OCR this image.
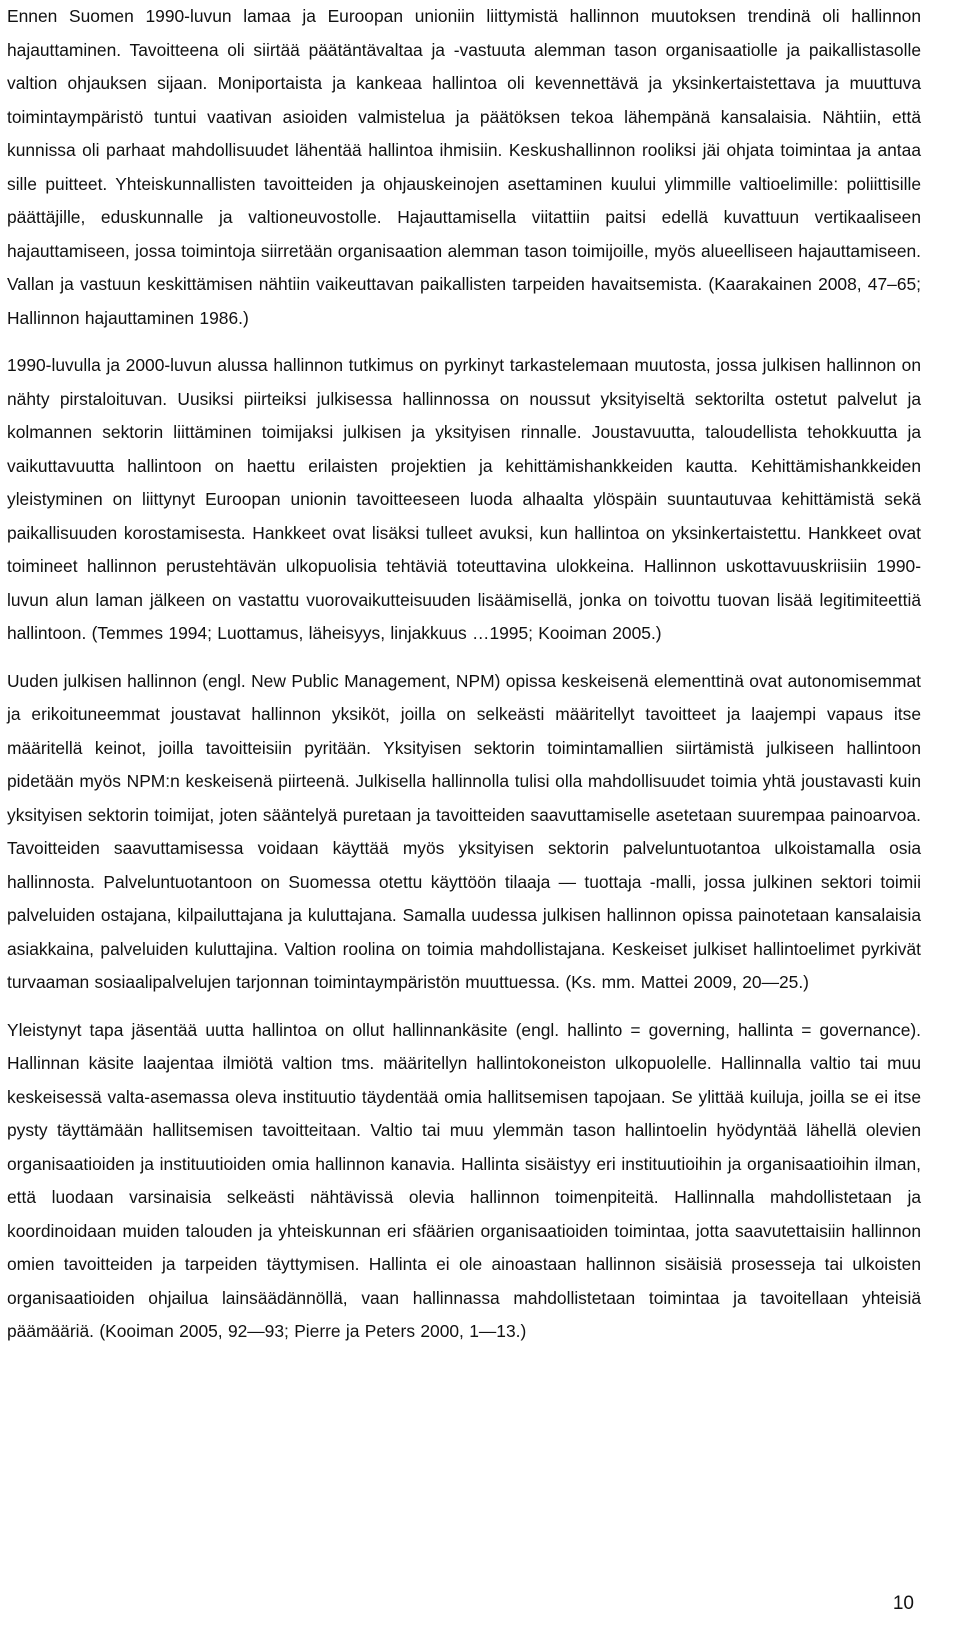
Ennen Suomen 1990-luvun lamaa ja Euroopan unioniin liittymistä hallinnon muutoksen trendinä oli hallinnon hajauttaminen. Tavoitteena oli siirtää päätäntävaltaa ja -vastuuta alemman tason organisaatiolle ja paikallistasolle valtion ohjauksen sijaan. Moniportaista ja kankeaa hallintoa oli kevennettävä ja yksinkertaistettava ja muuttuva toimintaympäristö tuntui vaativan asioiden valmistelua ja päätöksen tekoa lähempänä kansalaisia. Nähtiin, että kunnissa oli parhaat mahdollisuudet lähentää hallintoa ihmisiin. Keskushallinnon rooliksi jäi ohjata toimintaa ja antaa sille puitteet. Yhteiskunnallisten tavoitteiden ja ohjauskeinojen asettaminen kuului ylimmille valtioelimille: poliittisille päättäjille, eduskunnalle ja valtioneuvostolle. Hajauttamisella viitattiin paitsi edellä kuvattuun vertikaaliseen hajauttamiseen, jossa toimintoja siirretään organisaation alemman tason toimijoille, myös alueelliseen hajauttamiseen. Vallan ja vastuun keskittämisen nähtiin vaikeuttavan paikallisten tarpeiden havaitsemista. (Kaarakainen 2008, 47–65; Hallinnon hajauttaminen 1986.)

1990-luvulla ja 2000-luvun alussa hallinnon tutkimus on pyrkinyt tarkastelemaan muutosta, jossa julkisen hallinnon on nähty pirstaloituvan. Uusiksi piirteiksi julkisessa hallinnossa on noussut yksityiseltä sektorilta ostetut palvelut ja kolmannen sektorin liittäminen toimijaksi julkisen ja yksityisen rinnalle. Joustavuutta, taloudellista tehokkuutta ja vaikuttavuutta hallintoon on haettu erilaisten projektien ja kehittämishankkeiden kautta. Kehittämishankkeiden yleistyminen on liittynyt Euroopan unionin tavoitteeseen luoda alhaalta ylöspäin suuntautuvaa kehittämistä sekä paikallisuuden korostamisesta. Hankkeet ovat lisäksi tulleet avuksi, kun hallintoa on yksinkertaistettu. Hankkeet ovat toimineet hallinnon perustehtävän ulkopuolisia tehtäviä toteuttavina ulokkeina. Hallinnon uskottavuuskriisiin 1990-luvun alun laman jälkeen on vastattu vuorovaikutteisuuden lisäämisellä, jonka on toivottu tuovan lisää legitimiteettiä hallintoon. (Temmes 1994; Luottamus, läheisyys, linjakkuus …1995; Kooiman 2005.)

Uuden julkisen hallinnon (engl. New Public Management, NPM) opissa keskeisenä elementtinä ovat autonomisemmat ja erikoituneemmat joustavat hallinnon yksiköt, joilla on selkeästi määritellyt tavoitteet ja laajempi vapaus itse määritellä keinot, joilla tavoitteisiin pyritään. Yksityisen sektorin toimintamallien siirtämistä julkiseen hallintoon pidetään myös NPM:n keskeisenä piirteenä. Julkisella hallinnolla tulisi olla mahdollisuudet toimia yhtä joustavasti kuin yksityisen sektorin toimijat, joten sääntelyä puretaan ja tavoitteiden saavuttamiselle asetetaan suurempaa painoarvoa. Tavoitteiden saavuttamisessa voidaan käyttää myös yksityisen sektorin palveluntuotantoa ulkoistamalla osia hallinnosta. Palveluntuotantoon on Suomessa otettu käyttöön tilaaja — tuottaja -malli, jossa julkinen sektori toimii palveluiden ostajana, kilpailuttajana ja kuluttajana. Samalla uudessa julkisen hallinnon opissa painotetaan kansalaisia asiakkaina, palveluiden kuluttajina. Valtion roolina on toimia mahdollistajana. Keskeiset julkiset hallintoelimet pyrkivät turvaaman sosiaalipalvelujen tarjonnan toimintaympäristön muuttuessa. (Ks. mm. Mattei 2009, 20—25.)

Yleistynyt tapa jäsentää uutta hallintoa on ollut hallinnankäsite (engl. hallinto = governing, hallinta = governance). Hallinnan käsite laajentaa ilmiötä valtion tms. määritellyn hallintokoneiston ulkopuolelle. Hallinnalla valtio tai muu keskeisessä valta-asemassa oleva instituutio täydentää omia hallitsemisen tapojaan. Se ylittää kuiluja, joilla se ei itse pysty täyttämään hallitsemisen tavoitteitaan. Valtio tai muu ylemmän tason hallintoelin hyödyntää lähellä olevien organisaatioiden ja instituutioiden omia hallinnon kanavia. Hallinta sisäistyy eri instituutioihin ja organisaatioihin ilman, että luodaan varsinaisia selkeästi nähtävissä olevia hallinnon toimenpiteitä. Hallinnalla mahdollistetaan ja koordinoidaan muiden talouden ja yhteiskunnan eri sfäärien organisaatioiden toimintaa, jotta saavutettaisiin hallinnon omien tavoitteiden ja tarpeiden täyttymisen. Hallinta ei ole ainoastaan hallinnon sisäisiä prosesseja tai ulkoisten organisaatioiden ohjailua lainsäädännöllä, vaan hallinnassa mahdollistetaan toimintaa ja tavoitellaan yhteisiä päämääriä. (Kooiman 2005, 92—93; Pierre ja Peters 2000, 1—13.)

10
